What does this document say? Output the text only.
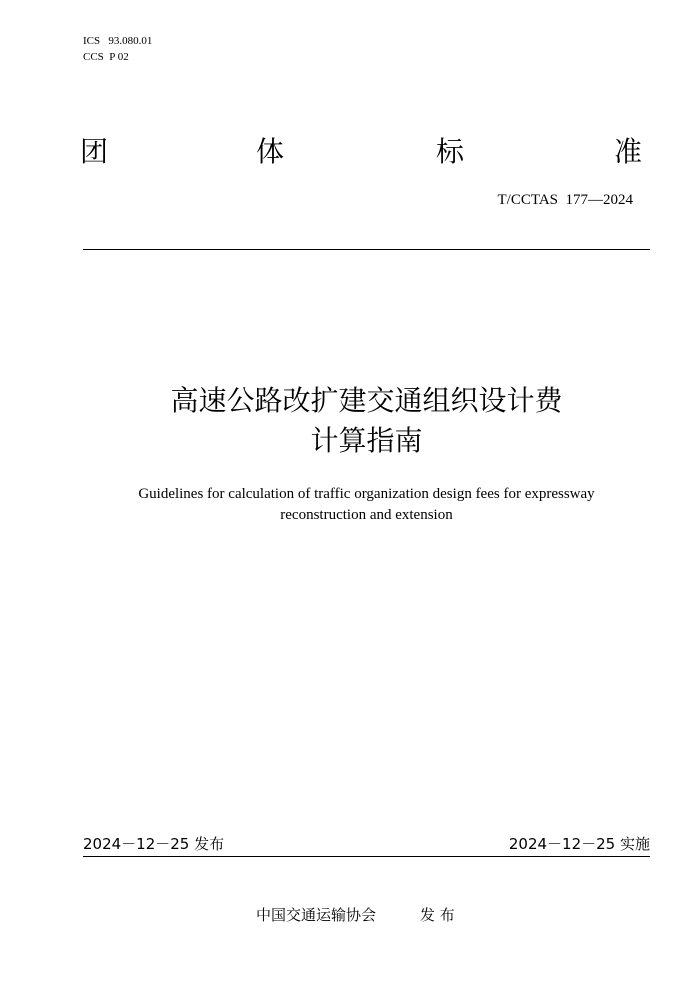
ICS   93.080.01
CCS  P 02
团	体	标	准
T/CCTAS  177—2024
高速公路改扩建交通组织设计费
计算指南
Guidelines for calculation of traffic organization design fees for expressway
reconstruction and extension
2024－12－25 发布	2024－12－25 实施
中国交通运输协会	发 布
